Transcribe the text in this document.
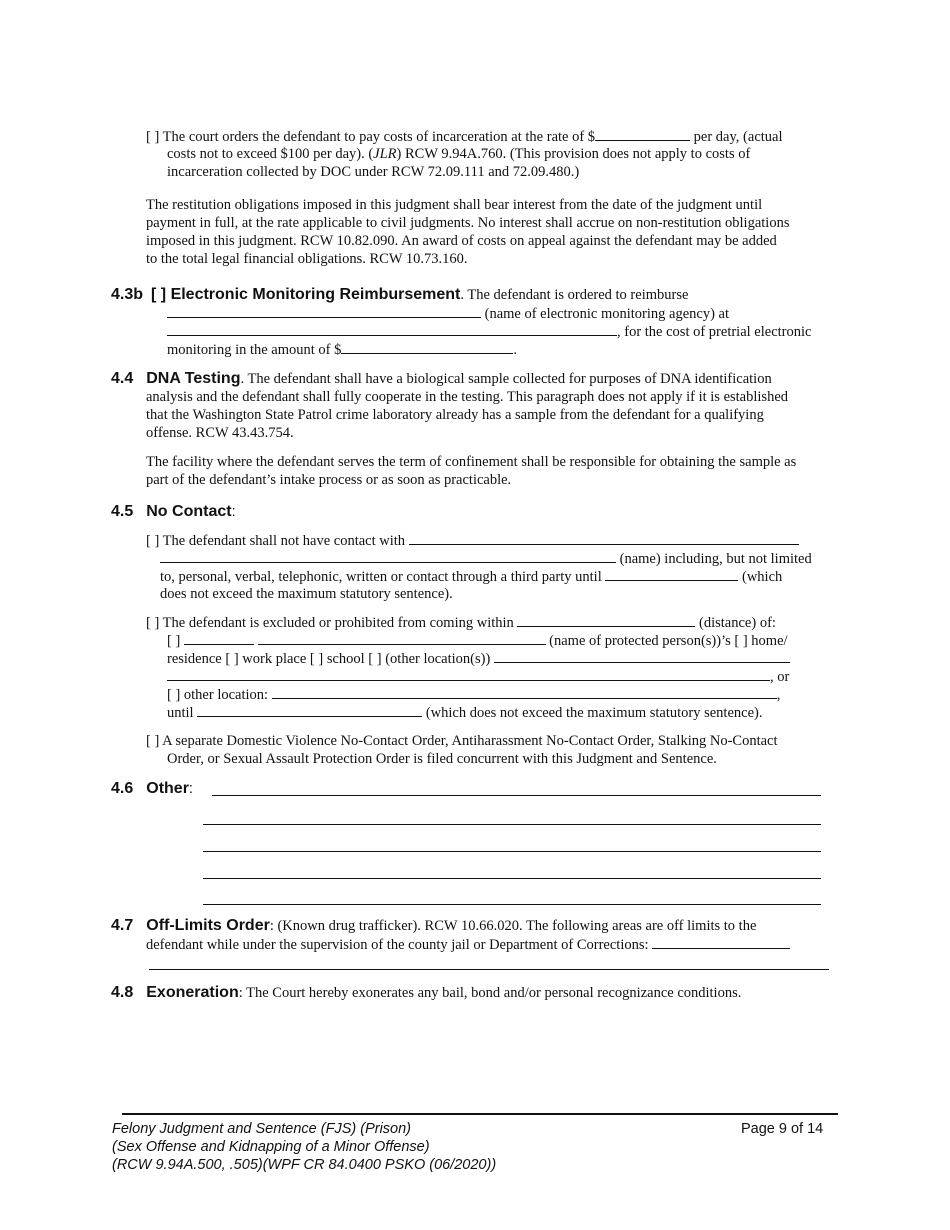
[ ] The court orders the defendant to pay costs of incarceration at the rate of $	per day, (actual
costs not to exceed $100 per day). (JLR) RCW 9.94A.760. (This provision does not apply to costs of
incarceration collected by DOC under RCW 72.09.111 and 72.09.480.)
The restitution obligations imposed in this judgment shall bear interest from the date of the judgment until
payment in full, at the rate applicable to civil judgments. No interest shall accrue on non-restitution obligations
imposed in this judgment. RCW 10.82.090. An award of costs on appeal against the defendant may be added
to the total legal financial obligations. RCW 10.73.160.
4.3b [ ] Electronic Monitoring Reimbursement. The defendant is ordered to reimburse
(name of electronic monitoring agency) at
, for the cost of pretrial electronic
monitoring in the amount of $	.
4.4 DNA Testing. The defendant shall have a biological sample collected for purposes of DNA identification
analysis and the defendant shall fully cooperate in the testing. This paragraph does not apply if it is established
that the Washington State Patrol crime laboratory already has a sample from the defendant for a qualifying
offense. RCW 43.43.754.
The facility where the defendant serves the term of confinement shall be responsible for obtaining the sample as
part of the defendant’s intake process or as soon as practicable.
4.5 No Contact:
[ ] The defendant shall not have contact with
(name) including, but not limited
to, personal, verbal, telephonic, written or contact through a third party until	(which
does not exceed the maximum statutory sentence).
[ ] The defendant is excluded or prohibited from coming within	(distance) of:
[ ]	(name of protected person(s))’s [ ] home/
residence [ ] work place [ ] school [ ] (other location(s))
, or
[ ] other location:	,
until	(which does not exceed the maximum statutory sentence).
[ ] A separate Domestic Violence No-Contact Order, Antiharassment No-Contact Order, Stalking No-Contact
Order, or Sexual Assault Protection Order is filed concurrent with this Judgment and Sentence.
4.6 Other:
4.7 Off-Limits Order: (Known drug trafficker). RCW 10.66.020. The following areas are off limits to the
defendant while under the supervision of the county jail or Department of Corrections:
4.8 Exoneration: The Court hereby exonerates any bail, bond and/or personal recognizance conditions.
Felony Judgment and Sentence (FJS) (Prison)
(Sex Offense and Kidnapping of a Minor Offense)
(RCW 9.94A.500, .505)(WPF CR 84.0400 PSKO (06/2020))
Page 9 of 14
